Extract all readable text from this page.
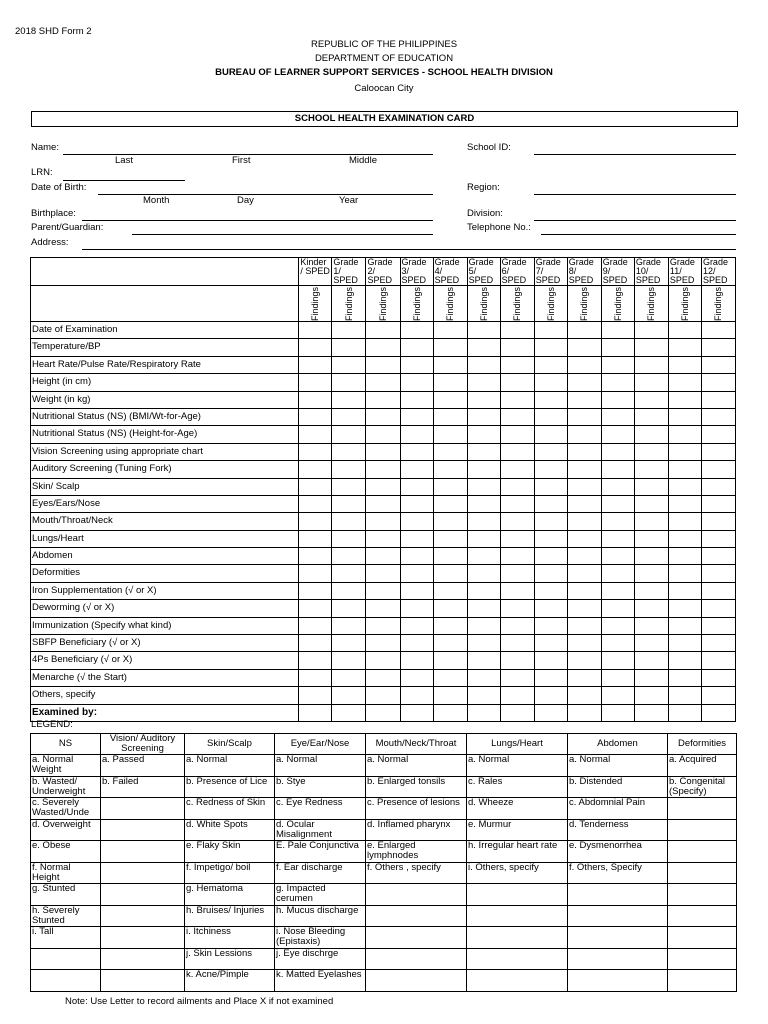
2018 SHD Form 2
REPUBLIC OF THE PHILIPPINES
DEPARTMENT OF EDUCATION
BUREAU OF LEARNER SUPPORT SERVICES - SCHOOL HEALTH DIVISION
Caloocan City
SCHOOL HEALTH EXAMINATION CARD
Name:
Last	First	Middle
LRN:
Date of Birth:
Month	Day	Year
Birthplace:
Parent/Guardian:
Address:
School ID:
Region:
Division:
Telephone No.:
	Kinder / SPED	Grade 1/ SPED	Grade 2/ SPED	Grade 3/ SPED	Grade 4/ SPED	Grade 5/ SPED	Grade 6/ SPED	Grade 7/ SPED	Grade 8/ SPED	Grade 9/ SPED	Grade 10/ SPED	Grade 11/ SPED	Grade 12/ SPED

	Findings	Findings	Findings	Findings	Findings	Findings	Findings	Findings	Findings	Findings	Findings	Findings	Findings

Date of Examination													
Temperature/BP													
Heart Rate/Pulse Rate/Respiratory Rate													
Height (in cm)													
Weight (in kg)													
Nutritional Status (NS) (BMI/Wt-for-Age)													
Nutritional Status (NS) (Height-for-Age)													
Vision Screening using appropriate chart													
Auditory Screening (Tuning Fork)													
Skin/ Scalp													
Eyes/Ears/Nose													
Mouth/Throat/Neck													
Lungs/Heart													
Abdomen													
Deformities													
Iron Supplementation (√ or X)													
Deworming (√ or X)													
Immunization (Specify what kind)													
SBFP Beneficiary (√ or X)													
4Ps Beneficiary (√ or X)													
Menarche (√ the Start)													
Others, specify													
Examined by:													
LEGEND:
NS	Vision/ Auditory Screening	Skin/Scalp	Eye/Ear/Nose	Mouth/Neck/Throat	Lungs/Heart	Abdomen	Deformities
a. Normal Weight	a. Passed	a. Normal	a. Normal	a. Normal	a. Normal	a. Normal	a. Acquired
b. Wasted/ Underweight	b. Failed	b. Presence of Lice	b. Stye	b. Enlarged tonsils	c. Rales	b. Distended	b. Congenital (Specify)
c. Severely Wasted/Unde		c. Redness of Skin	c. Eye Redness	c. Presence of lesions	d. Wheeze	c. Abdomnial Pain	
d. Overweight		d. White Spots	d. Ocular Misalignment	d. Inflamed pharynx	e. Murmur	d. Tenderness	
e. Obese		e. Flaky Skin	E. Pale Conjunctiva	e. Enlarged lymphnodes	h. Irregular heart rate	e. Dysmenorrhea	
f. Normal Height		f. Impetigo/ boil	f. Ear discharge	f. Others , specify	i. Others, specify	f. Others, Specify	
g. Stunted		g. Hematoma	g. Impacted cerumen				
h. Severely Stunted		h. Bruises/ Injuries	h. Mucus discharge				
i. Tall		i. Itchiness	i. Nose Bleeding (Epistaxis)				
		j. Skin Lessions	j. Eye dischrge				
		k. Acne/Pimple	k. Matted Eyelashes				
Note: Use Letter to record ailments and Place X if not examined
